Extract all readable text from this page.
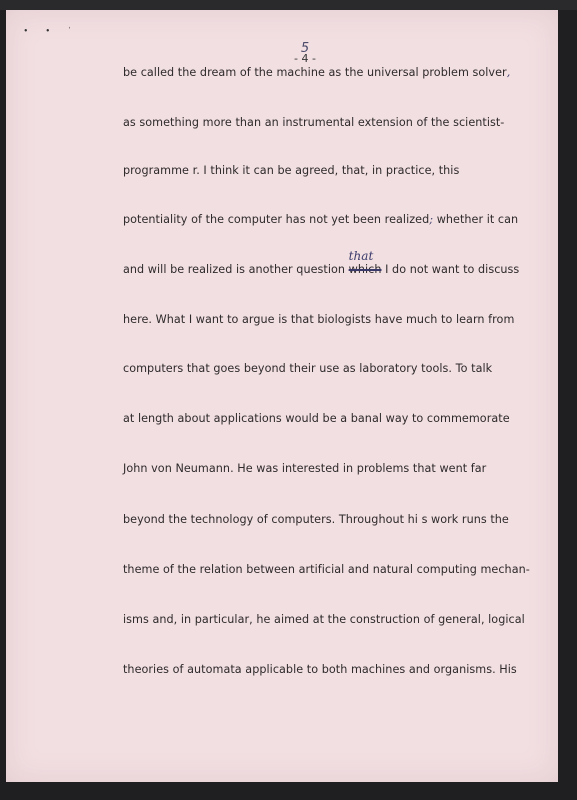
• • ˈ
5
- 4 -
be called the dream of the machine as the universal problem solver,
as something more than an instrumental extension of the scientist-
programme r. I think it can be agreed, that, in practice, this
potentiality of the computer has not yet been realized; whether it can
and will be realized is another question
that
which I do not want to discuss
here. What I want to argue is that biologists have much to learn from
computers that goes beyond their use as laboratory tools. To talk
at length about applications would be a banal way to commemorate
John von Neumann. He was interested in problems that went far
beyond the technology of computers. Throughout hi s work runs the
theme of the relation between artificial and natural computing mechan-
isms and, in particular, he aimed at the construction of general, logical
theories of automata applicable to both machines and organisms. His
